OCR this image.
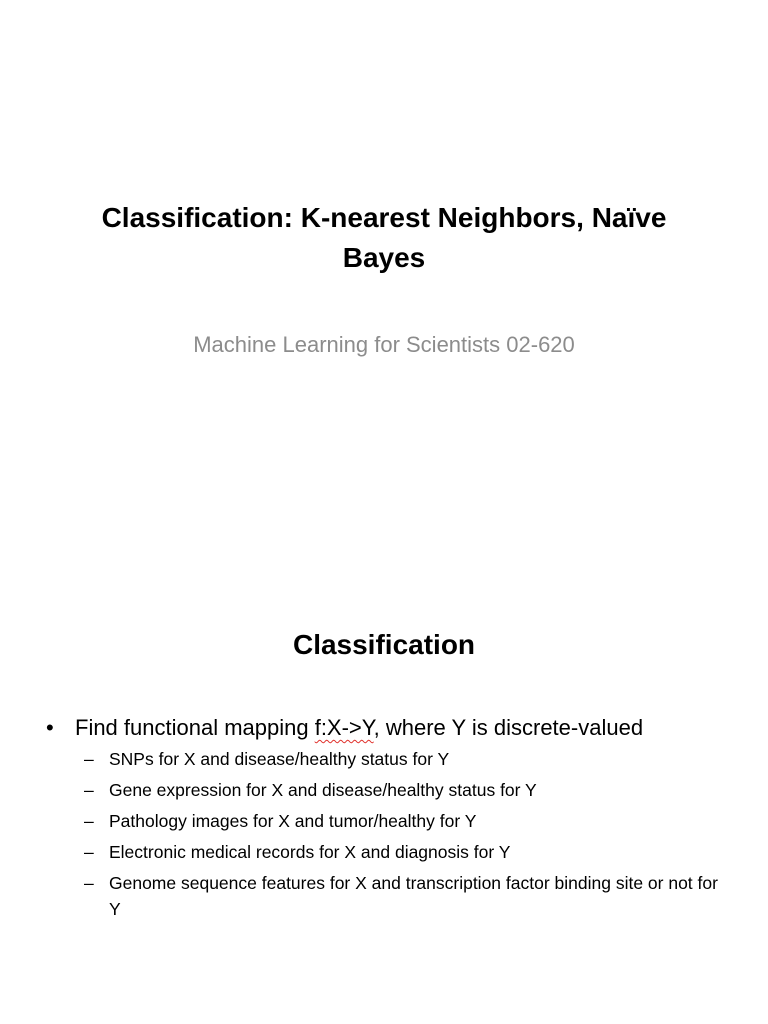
Classification: K-nearest Neighbors, Naïve Bayes
Machine Learning for Scientists 02-620
Classification
• Find functional mapping f:X->Y, where Y is discrete-valued
– SNPs for X and disease/healthy status for Y
– Gene expression for X and disease/healthy status for Y
– Pathology images for X and tumor/healthy for Y
– Electronic medical records for X and diagnosis for Y
– Genome sequence features for X and transcription factor binding site or not for Y
